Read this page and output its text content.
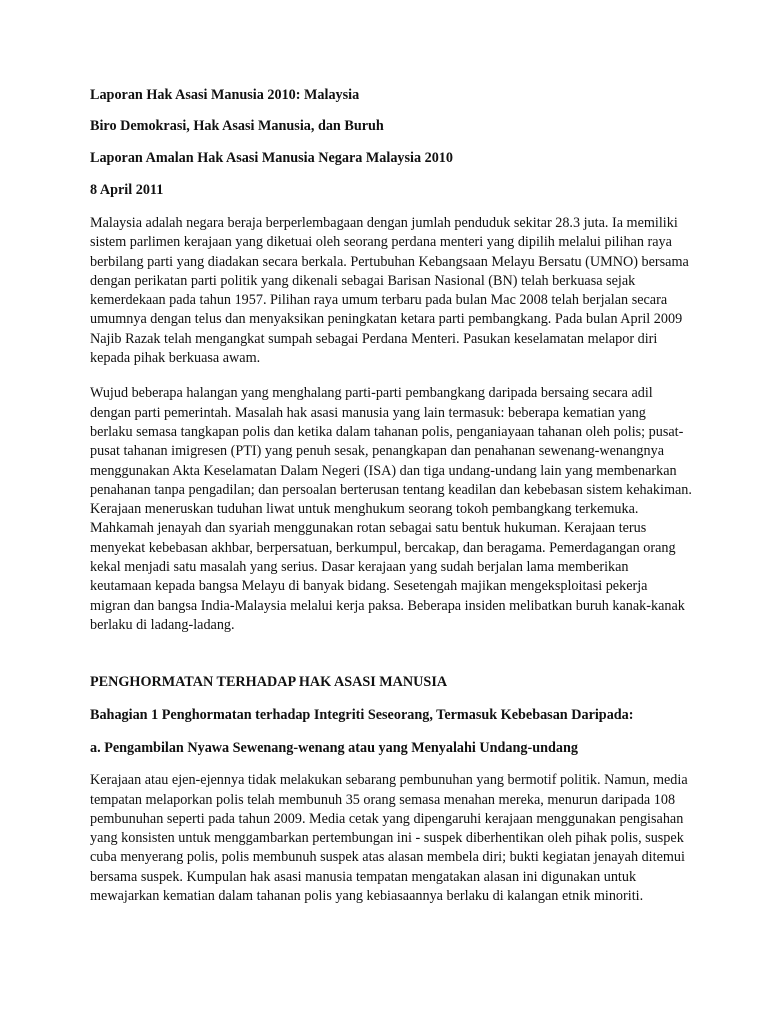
Laporan Hak Asasi Manusia 2010: Malaysia

Biro Demokrasi, Hak Asasi Manusia, dan Buruh

Laporan Amalan Hak Asasi Manusia Negara Malaysia 2010

8 April 2011

Malaysia adalah negara beraja berperlembagaan dengan jumlah penduduk sekitar 28.3 juta. Ia memiliki
sistem parlimen kerajaan yang diketuai oleh seorang perdana menteri yang dipilih melalui pilihan raya
berbilang parti yang diadakan secara berkala. Pertubuhan Kebangsaan Melayu Bersatu (UMNO) bersama
dengan perikatan parti politik yang dikenali sebagai Barisan Nasional (BN) telah berkuasa sejak
kemerdekaan pada tahun 1957. Pilihan raya umum terbaru pada bulan Mac 2008 telah berjalan secara
umumnya dengan telus dan menyaksikan peningkatan ketara parti pembangkang. Pada bulan April 2009
Najib Razak telah mengangkat sumpah sebagai Perdana Menteri. Pasukan keselamatan melapor diri
kepada pihak berkuasa awam.

Wujud beberapa halangan yang menghalang parti-parti pembangkang daripada bersaing secara adil
dengan parti pemerintah. Masalah hak asasi manusia yang lain termasuk: beberapa kematian yang
berlaku semasa tangkapan polis dan ketika dalam tahanan polis, penganiayaan tahanan oleh polis; pusat-
pusat tahanan imigresen (PTI) yang penuh sesak, penangkapan dan penahanan sewenang-wenangnya
menggunakan Akta Keselamatan Dalam Negeri (ISA) dan tiga undang-undang lain yang membenarkan
penahanan tanpa pengadilan; dan persoalan berterusan tentang keadilan dan kebebasan sistem kehakiman.
Kerajaan meneruskan tuduhan liwat untuk menghukum seorang tokoh pembangkang terkemuka.
Mahkamah jenayah dan syariah menggunakan rotan sebagai satu bentuk hukuman. Kerajaan terus
menyekat kebebasan akhbar, berpersatuan, berkumpul, bercakap, dan beragama. Pemerdagangan orang
kekal menjadi satu masalah yang serius. Dasar kerajaan yang sudah berjalan lama memberikan
keutamaan kepada bangsa Melayu di banyak bidang. Sesetengah majikan mengeksploitasi pekerja
migran dan bangsa India-Malaysia melalui kerja paksa. Beberapa insiden melibatkan buruh kanak-kanak
berlaku di ladang-ladang.

PENGHORMATAN TERHADAP HAK ASASI MANUSIA

Bahagian 1 Penghormatan terhadap Integriti Seseorang, Termasuk Kebebasan Daripada:

a. Pengambilan Nyawa Sewenang-wenang atau yang Menyalahi Undang-undang

Kerajaan atau ejen-ejennya tidak melakukan sebarang pembunuhan yang bermotif politik. Namun, media
tempatan melaporkan polis telah membunuh 35 orang semasa menahan mereka, menurun daripada 108
pembunuhan seperti pada tahun 2009. Media cetak yang dipengaruhi kerajaan menggunakan pengisahan
yang konsisten untuk menggambarkan pertembungan ini - suspek diberhentikan oleh pihak polis, suspek
cuba menyerang polis, polis membunuh suspek atas alasan membela diri; bukti kegiatan jenayah ditemui
bersama suspek. Kumpulan hak asasi manusia tempatan mengatakan alasan ini digunakan untuk
mewajarkan kematian dalam tahanan polis yang kebiasaannya berlaku di kalangan etnik minoriti.
